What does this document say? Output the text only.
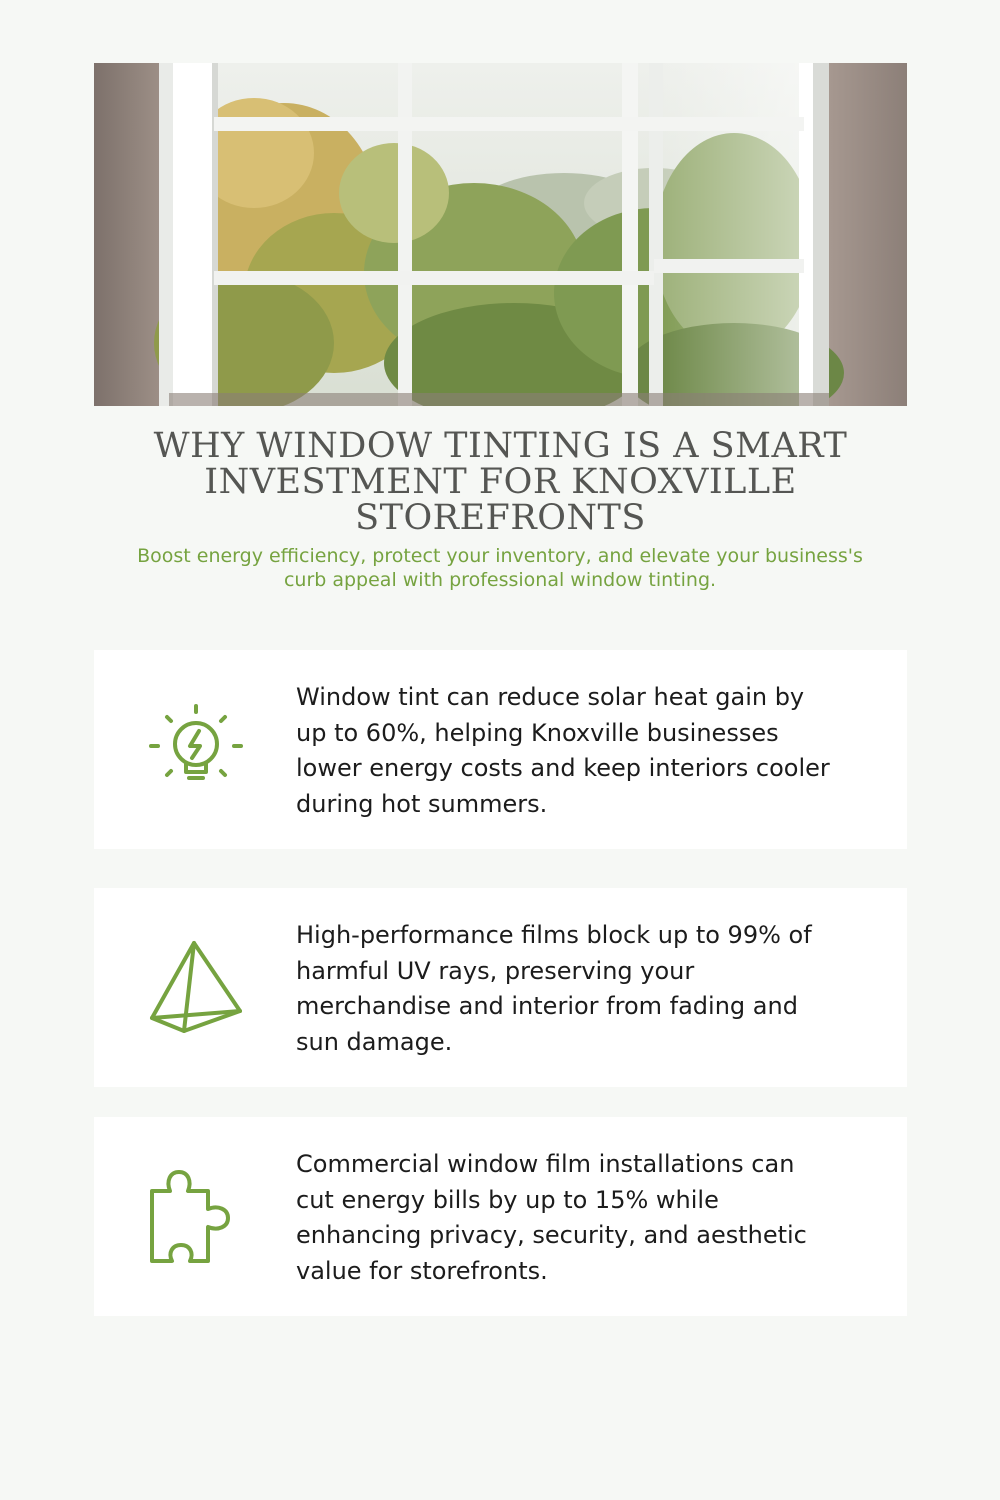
WHY WINDOW TINTING IS A SMART INVESTMENT FOR KNOXVILLE STOREFRONTS

Boost energy efficiency, protect your inventory, and elevate your business's curb appeal with professional window tinting.

Window tint can reduce solar heat gain by up to 60%, helping Knoxville businesses lower energy costs and keep interiors cooler during hot summers.

High-performance films block up to 99% of harmful UV rays, preserving your merchandise and interior from fading and sun damage.

Commercial window film installations can cut energy bills by up to 15% while enhancing privacy, security, and aesthetic value for storefronts.
